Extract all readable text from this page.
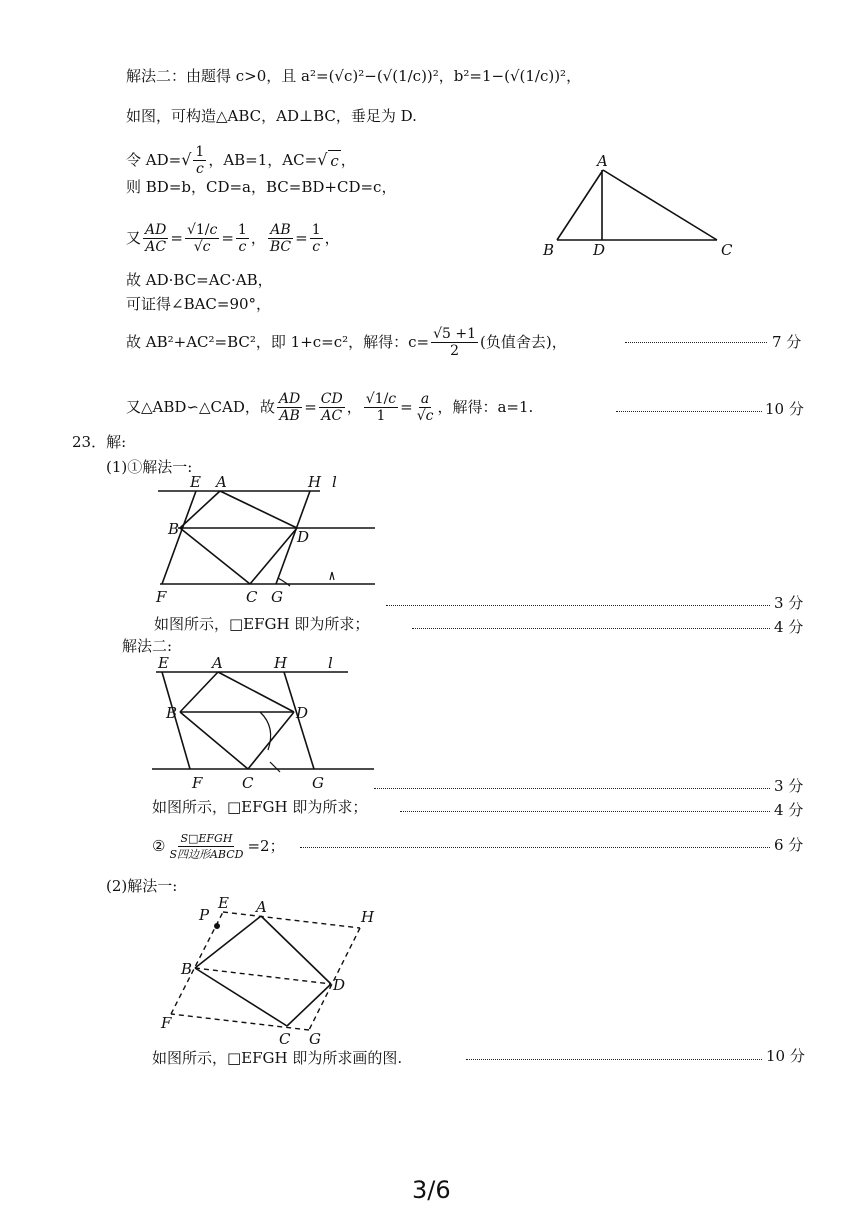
解法二：由题得 c>0，且 a²=(√c)²−(√(1/c))²，b²=1−(√(1/c))²，
如图，可构造△ABC，AD⊥BC，垂足为 D.
令 AD= √ $\frac{1}{c}$ ，AB=1，AC= √ c ，
则 BD=b，CD=a，BC=BD+CD=c，
又 $\frac{AD}{AC} = \frac{√1/c}{√c} = \frac{1}{c}$ ， $\frac{AB}{BC} = \frac{1}{c}$ ，
故 AD·BC=AC·AB，
可证得∠BAC=90°，
故 AB²+AC²=BC²，即 1+c=c²，解得：$c= \frac{√5 +1}{2}$ (负值舍去)，	7 分
又△ABD∽△CAD，故 $\frac{AD}{AB} = \frac{CD}{AC}$ ， $\frac{√1/c}{1} = \frac{a}{√c}$ ，解得：a=1.	10 分
A
B	D	C
23．解:
(1)①解法一:
E A	H l
B	D
F	C G	3 分
如图所示，□EFGH 即为所求；	4 分
解法二:
E	A	H	l
B	D
F	C	G	3 分
如图所示，□EFGH 即为所求；	4 分
② $\frac{\text{S□EFGH}}{\text{S四边形ABCD}} =2$；	6 分
(2)解法一:
P
E A
H
B
D
F
C G
如图所示，□EFGH 即为所求画的图.	10 分
3/6
